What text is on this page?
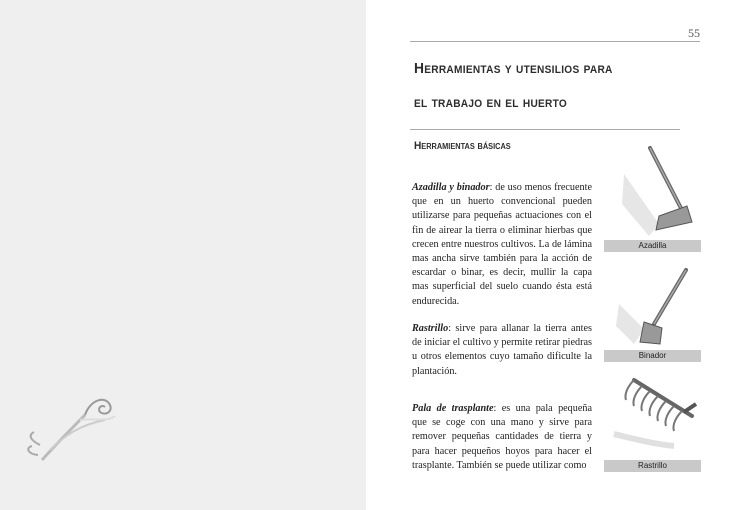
55
Herramientas y utensilios para
el trabajo en el huerto
Herramientas básicas
Azadilla y binador: de uso menos frecuente que en un huerto convencional pueden utilizarse para pequeñas actuaciones con el fin de airear la tierra o eliminar hierbas que crecen entre nuestros cultivos. La de lámina mas ancha sirve también para la acción de escardar o binar, es decir, mullir la capa mas superficial del suelo cuando ésta está endurecida.
Rastrillo: sirve para allanar la tierra antes de iniciar el cultivo y permite retirar piedras u otros elementos cuyo tamaño dificulte la plantación.
Pala de trasplante: es una pala pequeña que se coge con una mano y sirve para remover pequeñas cantidades de tierra y para hacer pequeños hoyos para hacer el trasplante. También se puede utilizar como
Azadilla
Binador
Rastrillo
